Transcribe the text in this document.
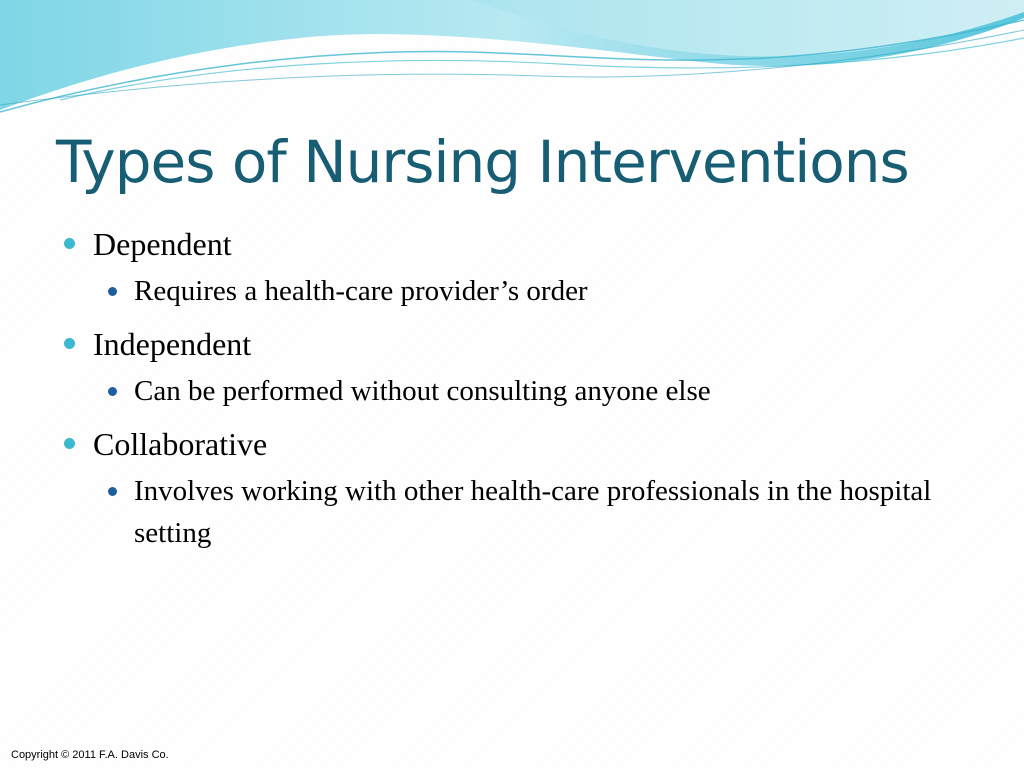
Types of Nursing Interventions
Dependent
Requires a health-care provider’s order
Independent
Can be performed without consulting anyone else
Collaborative
Involves working with other health-care professionals in the hospital setting
Copyright © 2011 F.A. Davis Co.
